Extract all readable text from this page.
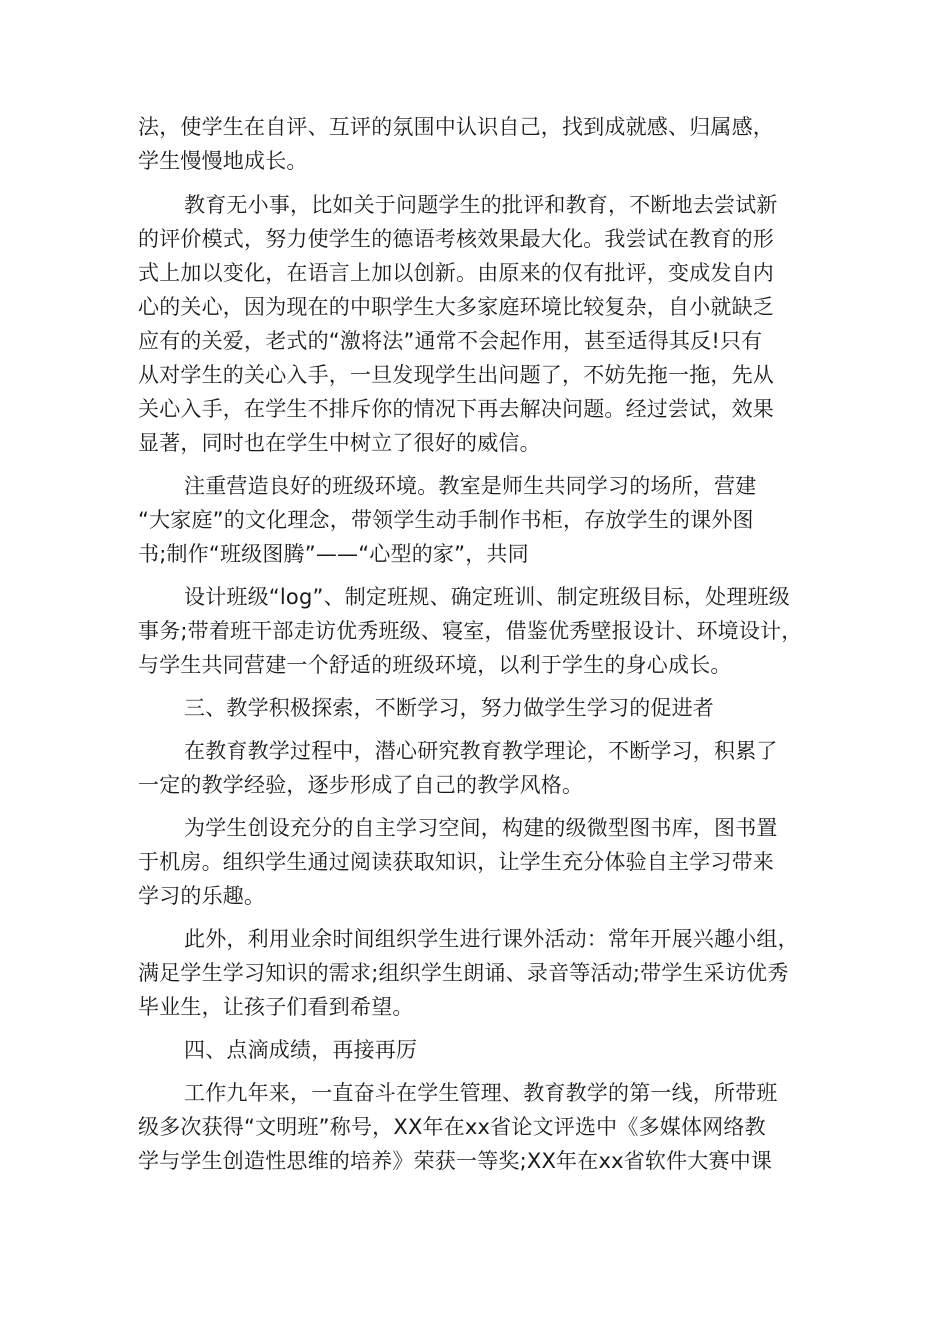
法，使学生在自评、互评的氛围中认识自己，找到成就感、归属感，
学生慢慢地成长。
教育无小事，比如关于问题学生的批评和教育，不断地去尝试新
的评价模式，努力使学生的德语考核效果最大化。我尝试在教育的形
式上加以变化，在语言上加以创新。由原来的仅有批评，变成发自内
心的关心，因为现在的中职学生大多家庭环境比较复杂，自小就缺乏
应有的关爱，老式的“激将法”通常不会起作用，甚至适得其反!只有
从对学生的关心入手，一旦发现学生出问题了，不妨先拖一拖，先从
关心入手，在学生不排斥你的情况下再去解决问题。经过尝试，效果
显著，同时也在学生中树立了很好的威信。
注重营造良好的班级环境。教室是师生共同学习的场所，营建
“大家庭”的文化理念，带领学生动手制作书柜，存放学生的课外图
书;制作“班级图腾”——“心型的家”，共同
设计班级“log”、制定班规、确定班训、制定班级目标，处理班级
事务;带着班干部走访优秀班级、寝室，借鉴优秀壁报设计、环境设计，
与学生共同营建一个舒适的班级环境，以利于学生的身心成长。
三、教学积极探索，不断学习，努力做学生学习的促进者
在教育教学过程中，潜心研究教育教学理论，不断学习，积累了
一定的教学经验，逐步形成了自己的教学风格。
为学生创设充分的自主学习空间，构建的级微型图书库，图书置
于机房。组织学生通过阅读获取知识，让学生充分体验自主学习带来
学习的乐趣。
此外，利用业余时间组织学生进行课外活动：常年开展兴趣小组，
满足学生学习知识的需求;组织学生朗诵、录音等活动;带学生采访优秀
毕业生，让孩子们看到希望。
四、点滴成绩，再接再厉
工作九年来，一直奋斗在学生管理、教育教学的第一线，所带班
级多次获得“文明班”称号，XX年在xx省论文评选中《多媒体网络教
学与学生创造性思维的培养》荣获一等奖;XX年在xx省软件大赛中课
